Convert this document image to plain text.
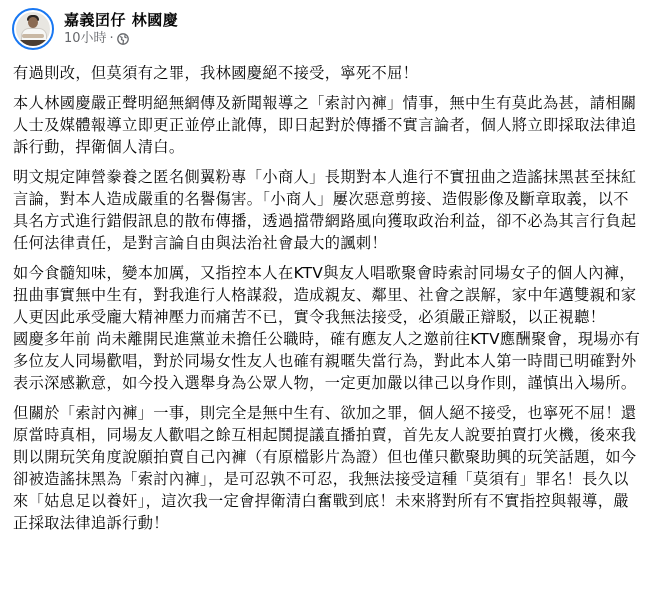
嘉義囝仔 林國慶
10小時 ·

有過則改，但莫須有之罪，我林國慶絕不接受，寧死不屈！

本人林國慶嚴正聲明絕無網傳及新聞報導之「索討內褲」情事，無中生有莫此為甚，請相關人士及媒體報導立即更正並停止訛傳，即日起對於傳播不實言論者，個人將立即採取法律追訴行動，捍衛個人清白。

明文規定陣營豢養之匿名側翼粉專「小商人」長期對本人進行不實扭曲之造謠抹黑甚至抹紅言論，對本人造成嚴重的名譽傷害。「小商人」屢次惡意剪接、造假影像及斷章取義，以不具名方式進行錯假訊息的散布傳播，透過擋帶網路風向獲取政治利益，卻不必為其言行負起任何法律責任，是對言論自由與法治社會最大的諷刺！

如今食髓知味，變本加厲，又指控本人在KTV與友人唱歌聚會時索討同場女子的個人內褲，扭曲事實無中生有，對我進行人格謀殺，造成親友、鄰里、社會之誤解，家中年邁雙親和家人更因此承受龐大精神壓力而痛苦不已，實令我無法接受，必須嚴正辯駁，以正視聽！

國慶多年前 尚未離開民進黨並未擔任公職時，確有應友人之邀前往KTV應酬聚會，現場亦有多位友人同場歡唱，對於同場女性友人也確有親暱失當行為，對此本人第一時間已明確對外表示深感歉意，如今投入選舉身為公眾人物，一定更加嚴以律己以身作則，謹慎出入場所。

但關於「索討內褲」一事，則完全是無中生有、欲加之罪，個人絕不接受，也寧死不屈！還原當時真相，同場友人歡唱之餘互相起鬨提議直播拍賣，首先友人說要拍賣打火機，後來我則以開玩笑角度說願拍賣自己內褲（有原檔影片為證）但也僅只歡聚助興的玩笑話題，如今卻被造謠抹黑為「索討內褲」，是可忍孰不可忍，我無法接受這種「莫須有」罪名！長久以來「姑息足以養奸」，這次我一定會捍衛清白奮戰到底！未來將對所有不實指控與報導，嚴正採取法律追訴行動！
